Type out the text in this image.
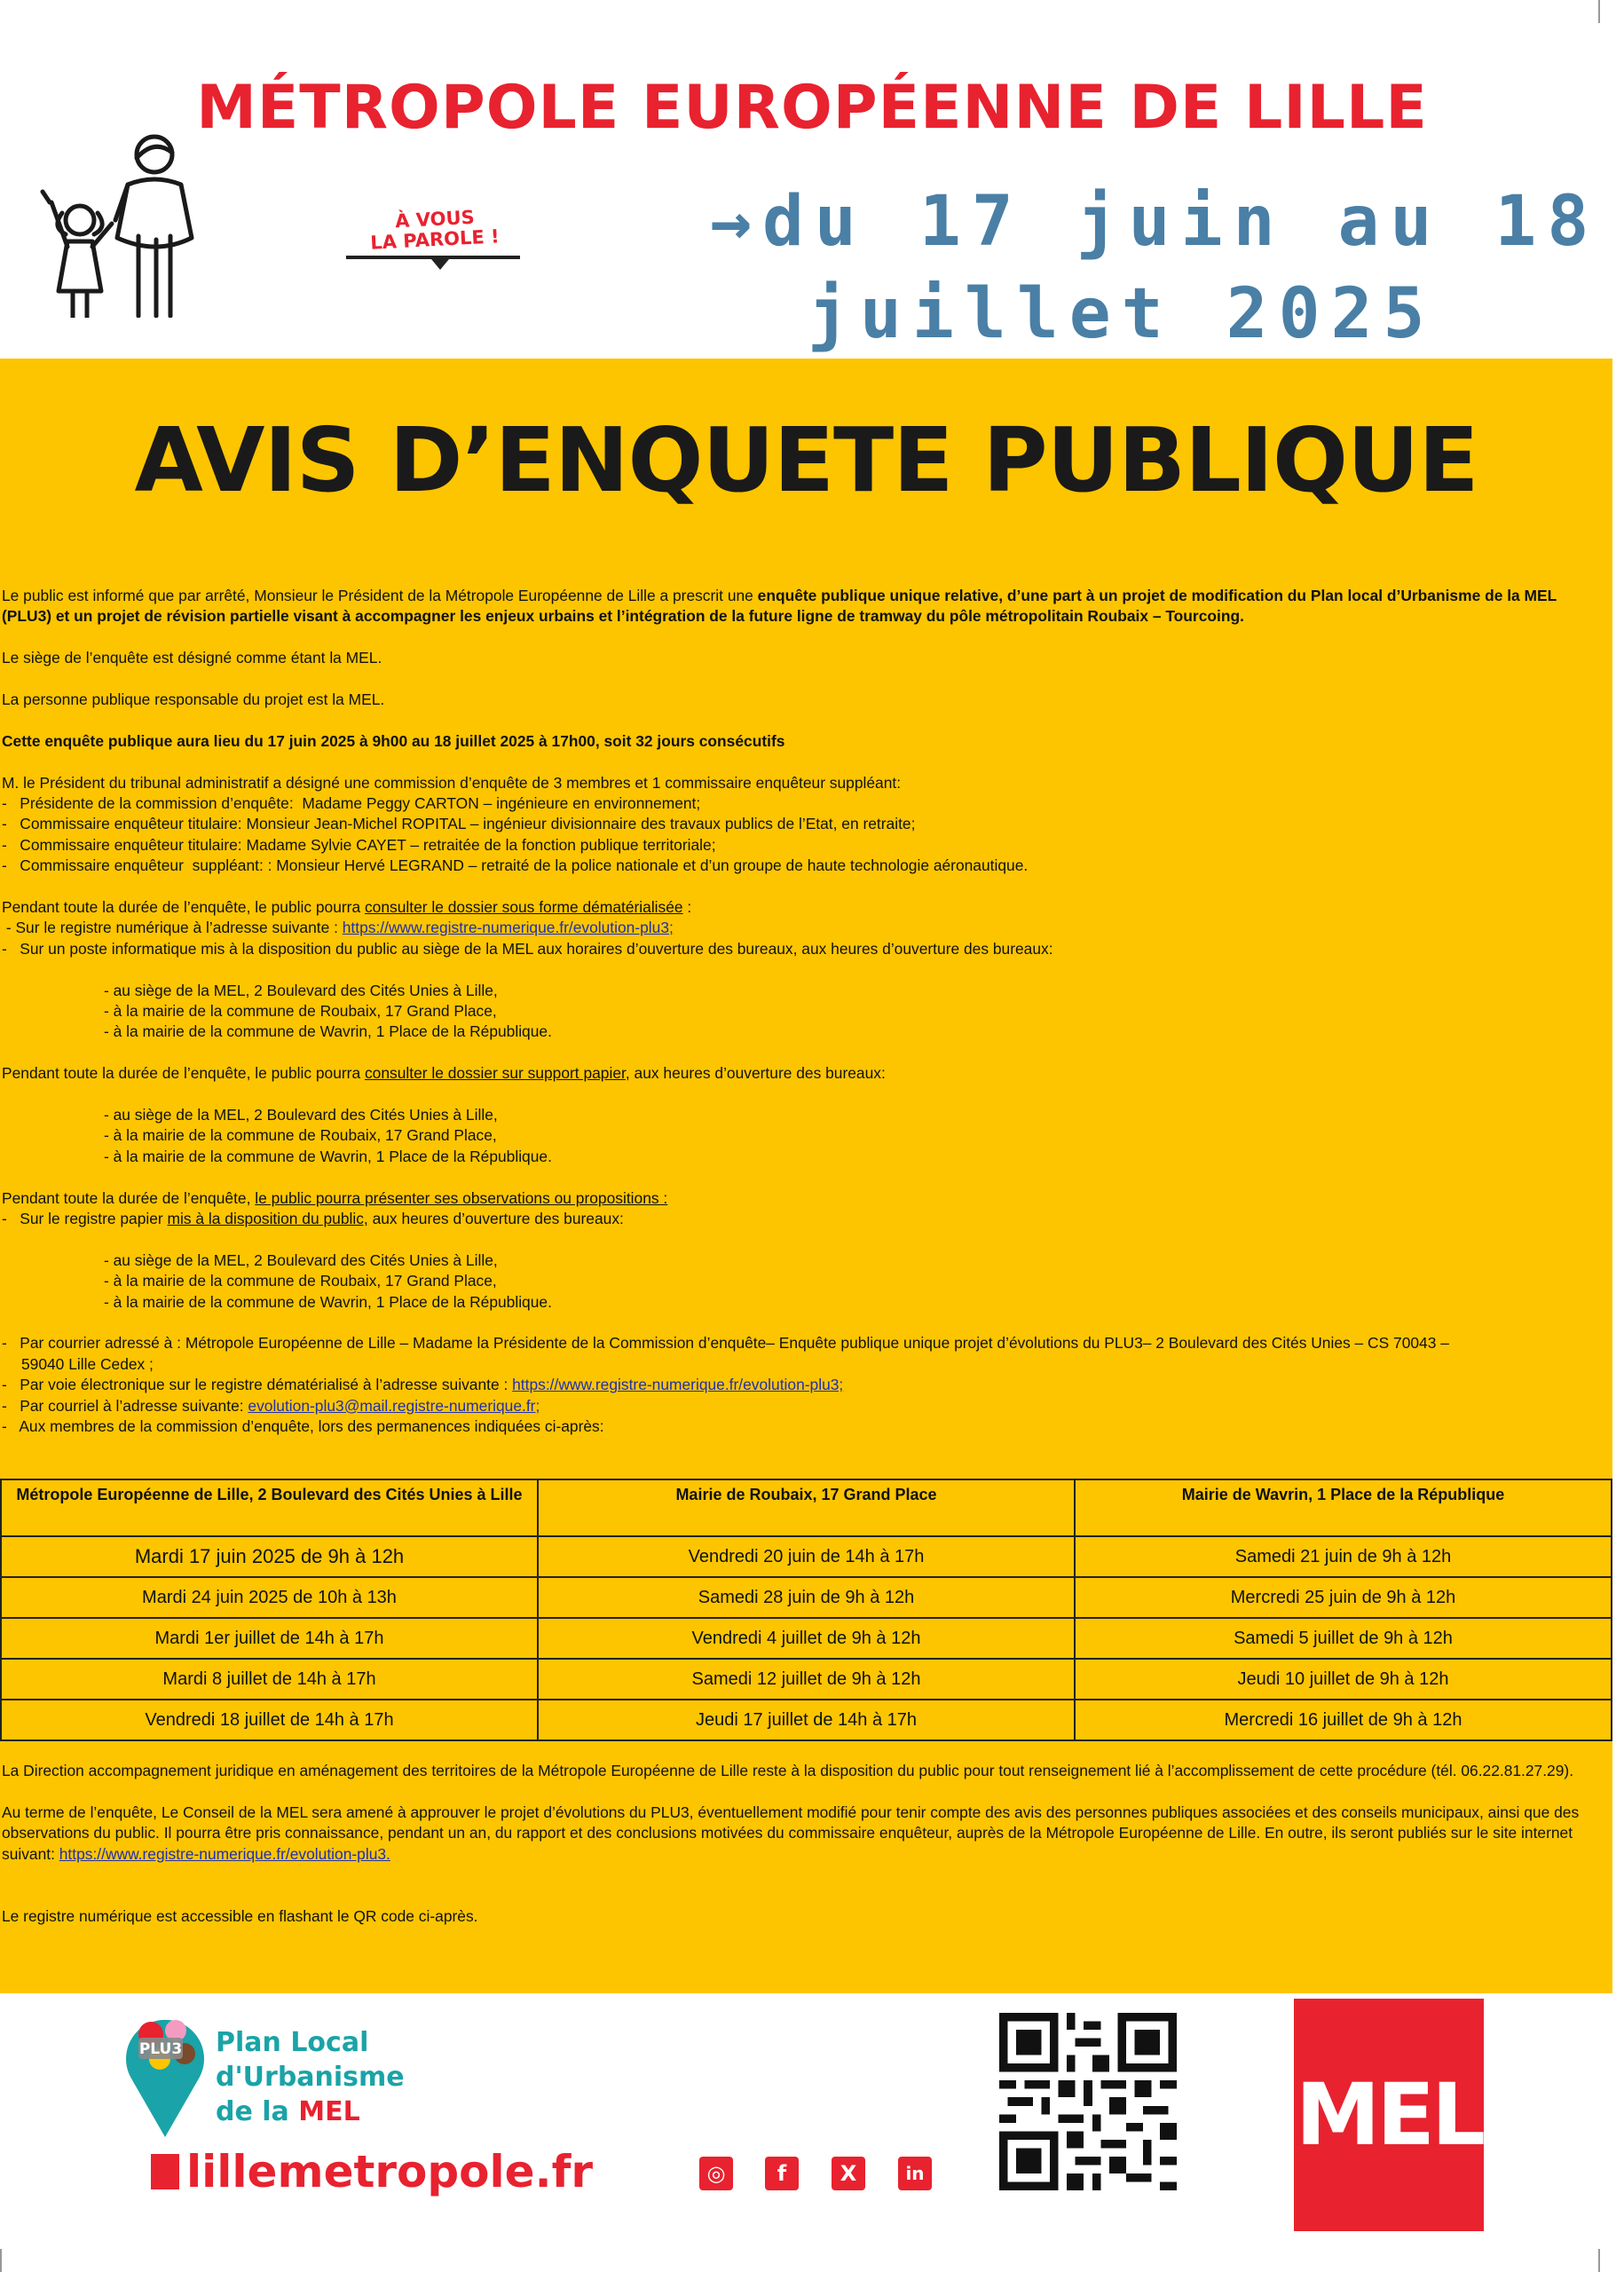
MÉTROPOLE EUROPÉENNE DE LILLE
À VOUS
LA PAROLE !	→du 17 juin au 18
juillet 2025
AVIS D’ENQUETE PUBLIQUE

Le public est informé que par arrêté, Monsieur le Président de la Métropole Européenne de Lille a prescrit une enquête publique unique relative, d’une part à un projet de modification du Plan local d’Urbanisme de la MEL (PLU3) et un projet de révision partielle visant à accompagner les enjeux urbains et l’intégration de la future ligne de tramway du pôle métropolitain Roubaix – Tourcoing.

Le siège de l’enquête est désigné comme étant la MEL.

La personne publique responsable du projet est la MEL.

Cette enquête publique aura lieu du 17 juin 2025 à 9h00 au 18 juillet 2025 à 17h00, soit 32 jours consécutifs

M. le Président du tribunal administratif a désigné une commission d’enquête de 3 membres et 1 commissaire enquêteur suppléant:

-   Présidente de la commission d’enquête:  Madame Peggy CARTON – ingénieure en environnement;

-   Commissaire enquêteur titulaire: Monsieur Jean-Michel ROPITAL – ingénieur divisionnaire des travaux publics de l’Etat, en retraite;

-   Commissaire enquêteur titulaire: Madame Sylvie CAYET – retraitée de la fonction publique territoriale;

-   Commissaire enquêteur  suppléant: : Monsieur Hervé LEGRAND – retraité de la police nationale et d’un groupe de haute technologie aéronautique.

Pendant toute la durée de l’enquête, le public pourra consulter le dossier sous forme dématérialisée :

- Sur le registre numérique à l’adresse suivante : https://www.registre-numerique.fr/evolution-plu3;

-   Sur un poste informatique mis à la disposition du public au siège de la MEL aux horaires d’ouverture des bureaux, aux heures d’ouverture des bureaux:

- au siège de la MEL, 2 Boulevard des Cités Unies à Lille,

- à la mairie de la commune de Roubaix, 17 Grand Place,

- à la mairie de la commune de Wavrin, 1 Place de la République.

Pendant toute la durée de l’enquête, le public pourra consulter le dossier sur support papier, aux heures d’ouverture des bureaux:

- au siège de la MEL, 2 Boulevard des Cités Unies à Lille,

- à la mairie de la commune de Roubaix, 17 Grand Place,

- à la mairie de la commune de Wavrin, 1 Place de la République.

Pendant toute la durée de l’enquête, le public pourra présenter ses observations ou propositions :

-   Sur le registre papier mis à la disposition du public, aux heures d’ouverture des bureaux:

- au siège de la MEL, 2 Boulevard des Cités Unies à Lille,

- à la mairie de la commune de Roubaix, 17 Grand Place,

- à la mairie de la commune de Wavrin, 1 Place de la République.

-   Par courrier adressé à : Métropole Européenne de Lille – Madame la Présidente de la Commission d’enquête– Enquête publique unique projet d’évolutions du PLU3– 2 Boulevard des Cités Unies – CS 70043 –

59040 Lille Cedex ;

-   Par voie électronique sur le registre dématérialisé à l’adresse suivante : https://www.registre-numerique.fr/evolution-plu3;

-   Par courriel à l’adresse suivante: evolution-plu3@mail.registre-numerique.fr;

-   Aux membres de la commission d’enquête, lors des permanences indiquées ci-après:

Métropole Européenne de Lille, 2 Boulevard des Cités Unies à Lille	Mairie de Roubaix, 17 Grand Place	Mairie de Wavrin, 1 Place de la République
Mardi 17 juin 2025 de 9h à 12h	Vendredi 20 juin de 14h à 17h	Samedi 21 juin de 9h à 12h
Mardi 24 juin 2025 de 10h à 13h	Samedi 28 juin de 9h à 12h	Mercredi 25 juin de 9h à 12h
Mardi 1er juillet de 14h à 17h	Vendredi 4 juillet de 9h à 12h	Samedi 5 juillet de 9h à 12h
Mardi 8 juillet de 14h à 17h	Samedi 12 juillet de 9h à 12h	Jeudi 10 juillet de 9h à 12h
Vendredi 18 juillet de 14h à 17h	Jeudi 17 juillet de 14h à 17h	Mercredi 16 juillet de 9h à 12h

La Direction accompagnement juridique en aménagement des territoires de la Métropole Européenne de Lille reste à la disposition du public pour tout renseignement lié à l’accomplissement de cette procédure (tél. 06.22.81.27.29).

Au terme de l’enquête, Le Conseil de la MEL sera amené à approuver le projet d’évolutions du PLU3, éventuellement modifié pour tenir compte des avis des personnes publiques associées et des conseils municipaux, ainsi que des observations du public. Il pourra être pris connaissance, pendant un an, du rapport et des conclusions motivées du commissaire enquêteur, auprès de la Métropole Européenne de Lille. En outre, ils seront publiés sur le site internet suivant: https://www.registre-numerique.fr/evolution-plu3.

Le registre numérique est accessible en flashant le QR code ci-après.

PLU3 Plan Local
d'Urbanisme
de la MEL
lillemetropole.fr	◎	f	X	in
MEL
